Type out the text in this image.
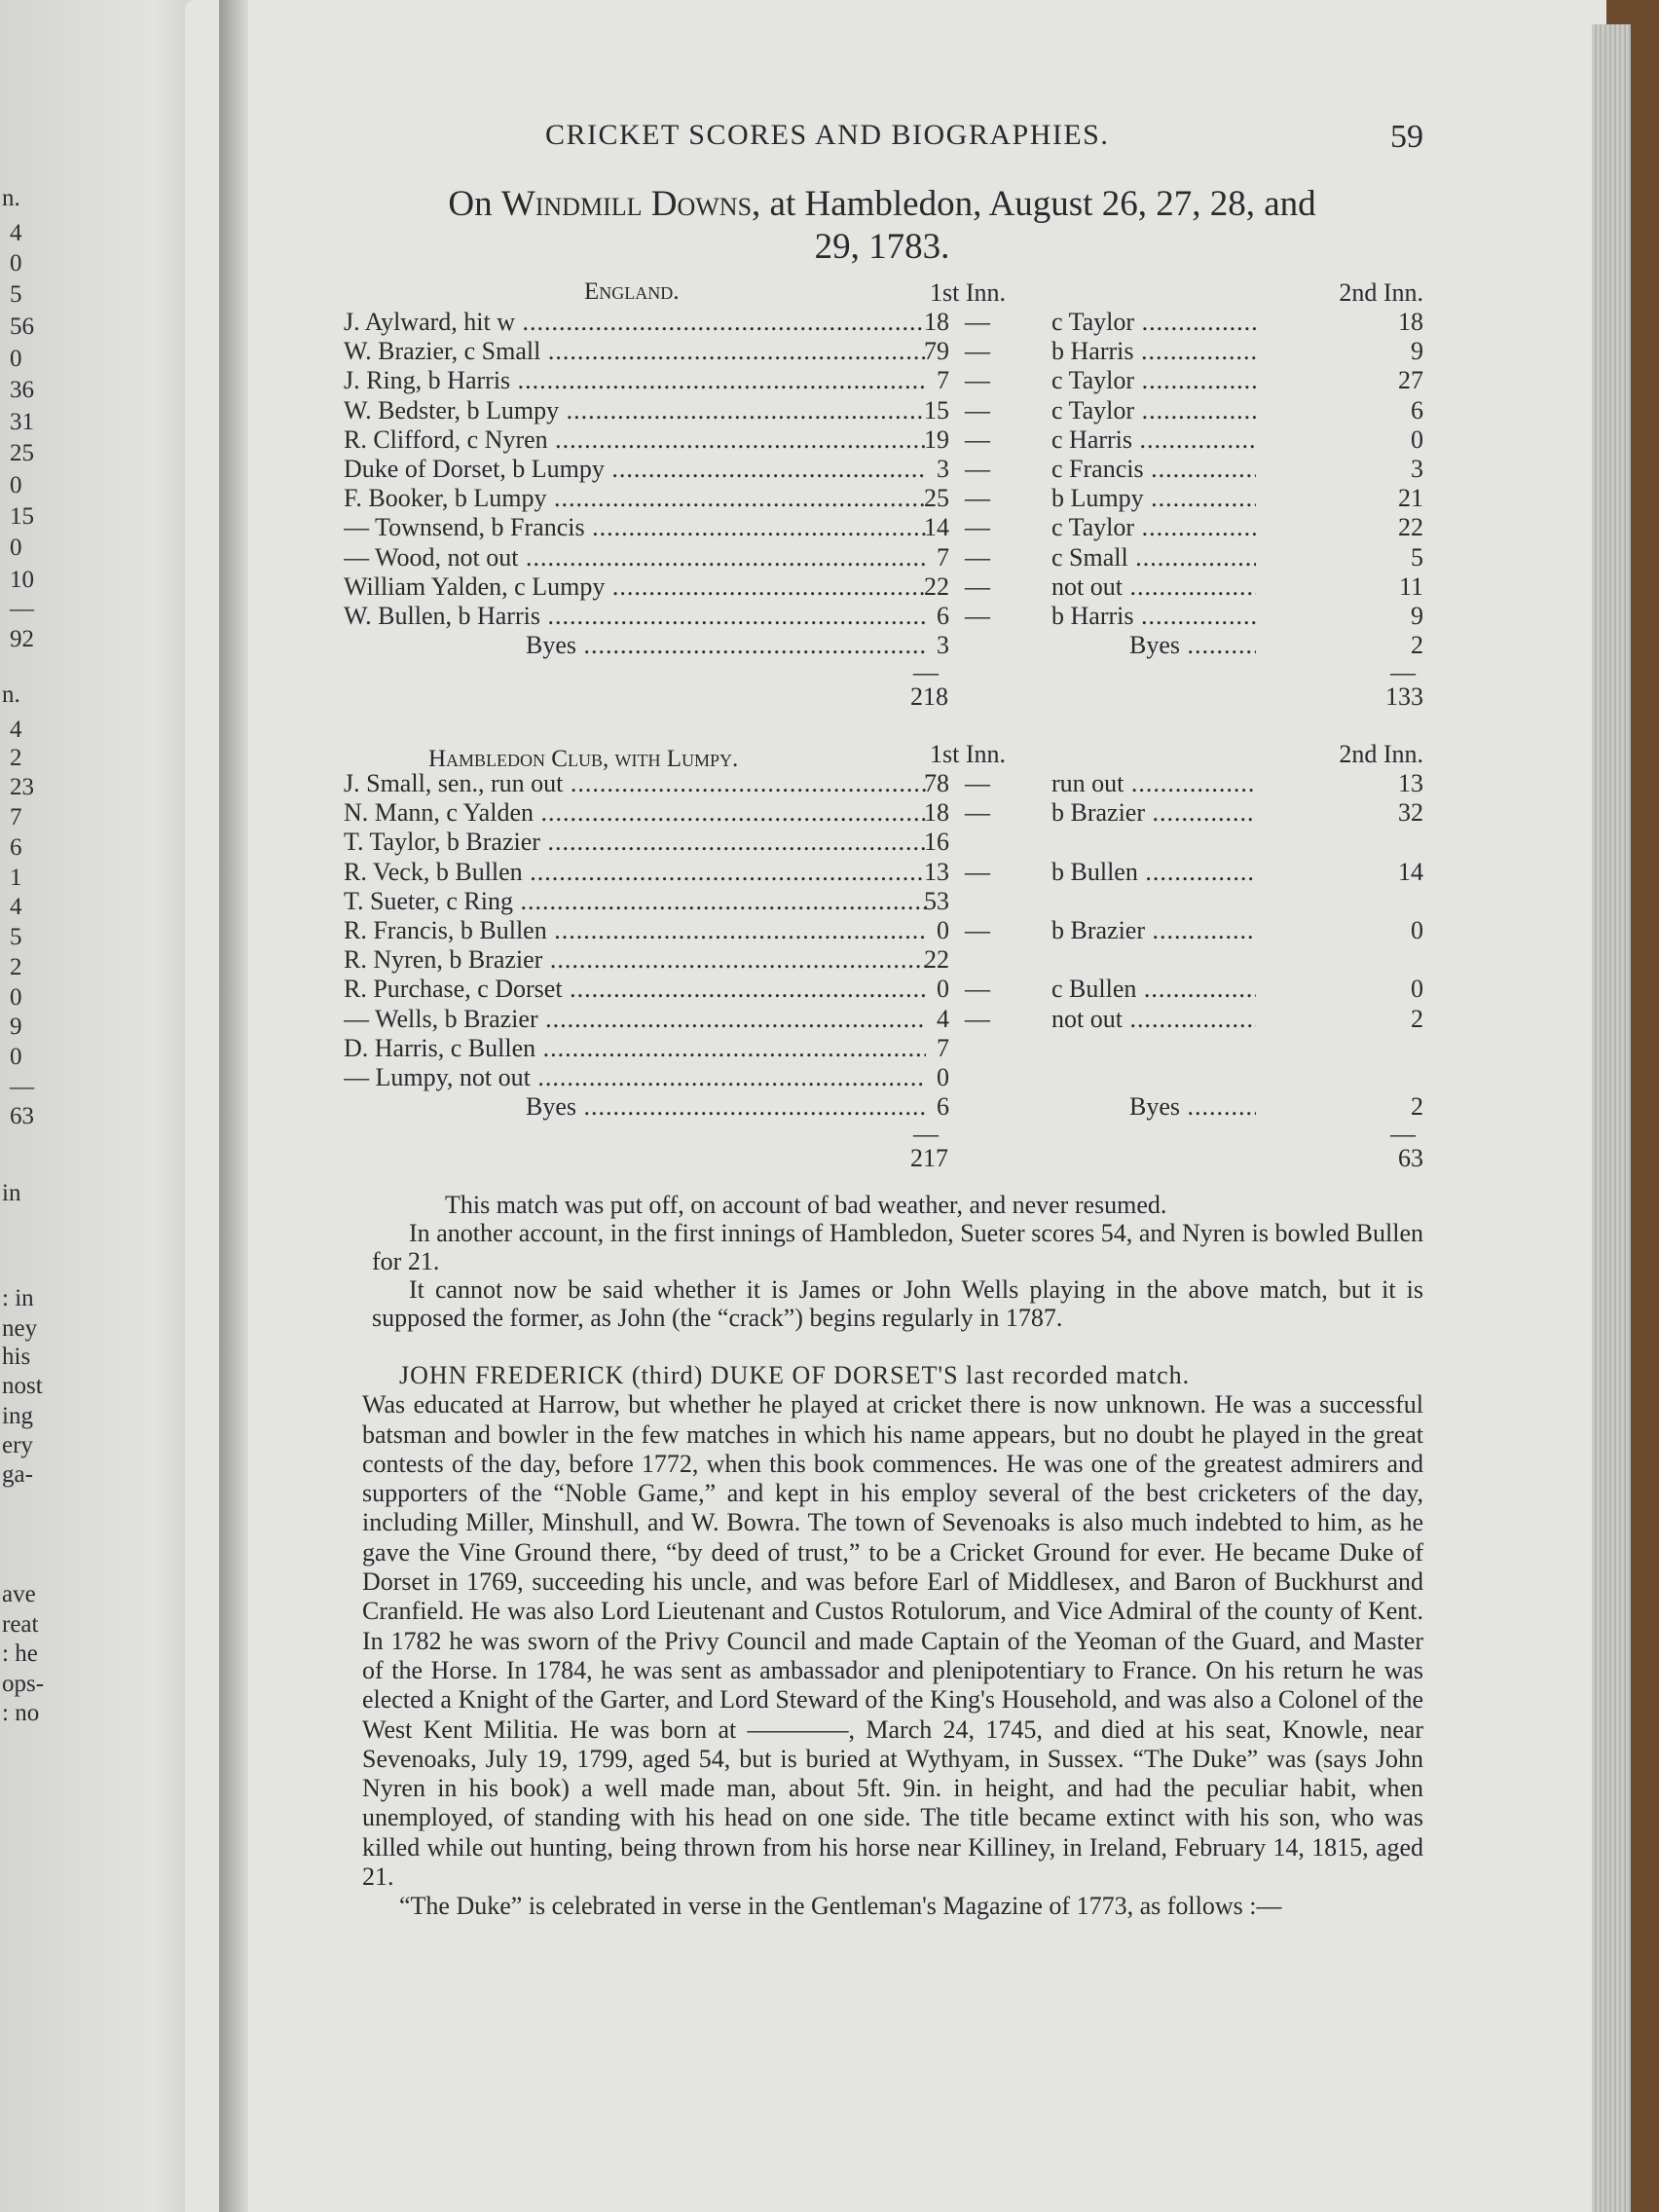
n.
4
0
5
56
0
36
31
25
0
15
0
10
—
92
n.
4
2
23
7
6
1
4
5
2
0
9
0
—
63
in
: in
ney
his
nost
ing
ery
ga-
ave
reat
: he
ops-
: no
CRICKET SCORES AND BIOGRAPHIES.	59
On Windmill Downs, at Hambledon, August 26, 27, 28, and
29, 1783.
England.	1st Inn.	2nd Inn.
J. Aylward, hit w .....	18 — c Taylor .....	18
W. Brazier, c Small .....	79 — b Harris .....	9
J. Ring, b Harris .....	7 — c Taylor .....	27
W. Bedster, b Lumpy .....	15 — c Taylor .....	6
R. Clifford, c Nyren .....	19 — c Harris .....	0
Duke of Dorset, b Lumpy .....	3 — c Francis .....	3
F. Booker, b Lumpy .....	25 — b Lumpy .....	21
— Townsend, b Francis .....	14 — c Taylor .....	22
— Wood, not out .....	7 — c Small .....	5
William Yalden, c Lumpy .....	22 — not out .....	11
W. Bullen, b Harris .....	6 — b Harris .....	9
Byes .....	3	Byes .....	2
—	—
218	133
Hambledon Club, with Lumpy.	1st Inn.	2nd Inn.
J. Small, sen., run out .....	78 — run out .....	13
N. Mann, c Yalden .....	18 — b Brazier .....	32
T. Taylor, b Brazier .....	16
R. Veck, b Bullen .....	13 — b Bullen .....	14
T. Sueter, c Ring .....	53
R. Francis, b Bullen .....	0 — b Brazier .....	0
R. Nyren, b Brazier .....	22
R. Purchase, c Dorset .....	0 — c Bullen .....	0
— Wells, b Brazier .....	4 — not out .....	2
D. Harris, c Bullen .....	7
— Lumpy, not out .....	0
Byes .....	6	Byes .....	2
—	—
217	63

This match was put off, on account of bad weather, and never resumed.

In another account, in the first innings of Hambledon, Sueter scores 54, and Nyren is bowled Bullen for 21.

It cannot now be said whether it is James or John Wells playing in the above match, but it is supposed the former, as John (the “crack”) begins regularly in 1787.

JOHN FREDERICK (third) DUKE OF DORSET'S last recorded match.

Was educated at Harrow, but whether he played at cricket there is now unknown. He was a successful batsman and bowler in the few matches in which his name appears, but no doubt he played in the great contests of the day, before 1772, when this book commences. He was one of the greatest admirers and supporters of the “Noble Game,” and kept in his employ several of the best cricketers of the day, including Miller, Minshull, and W. Bowra. The town of Sevenoaks is also much indebted to him, as he gave the Vine Ground there, “by deed of trust,” to be a Cricket Ground for ever. He became Duke of Dorset in 1769, succeeding his uncle, and was before Earl of Middlesex, and Baron of Buckhurst and Cranfield. He was also Lord Lieutenant and Custos Rotulorum, and Vice Admiral of the county of Kent. In 1782 he was sworn of the Privy Council and made Captain of the Yeoman of the Guard, and Master of the Horse. In 1784, he was sent as ambassador and plenipotentiary to France. On his return he was elected a Knight of the Garter, and Lord Steward of the King's Household, and was also a Colonel of the West Kent Militia. He was born at ————, March 24, 1745, and died at his seat, Knowle, near Sevenoaks, July 19, 1799, aged 54, but is buried at Wythyam, in Sussex. “The Duke” was (says John Nyren in his book) a well made man, about 5ft. 9in. in height, and had the peculiar habit, when unemployed, of standing with his head on one side. The title became extinct with his son, who was killed while out hunting, being thrown from his horse near Killiney, in Ireland, February 14, 1815, aged 21.

“The Duke” is celebrated in verse in the Gentleman's Magazine of 1773, as follows :—
